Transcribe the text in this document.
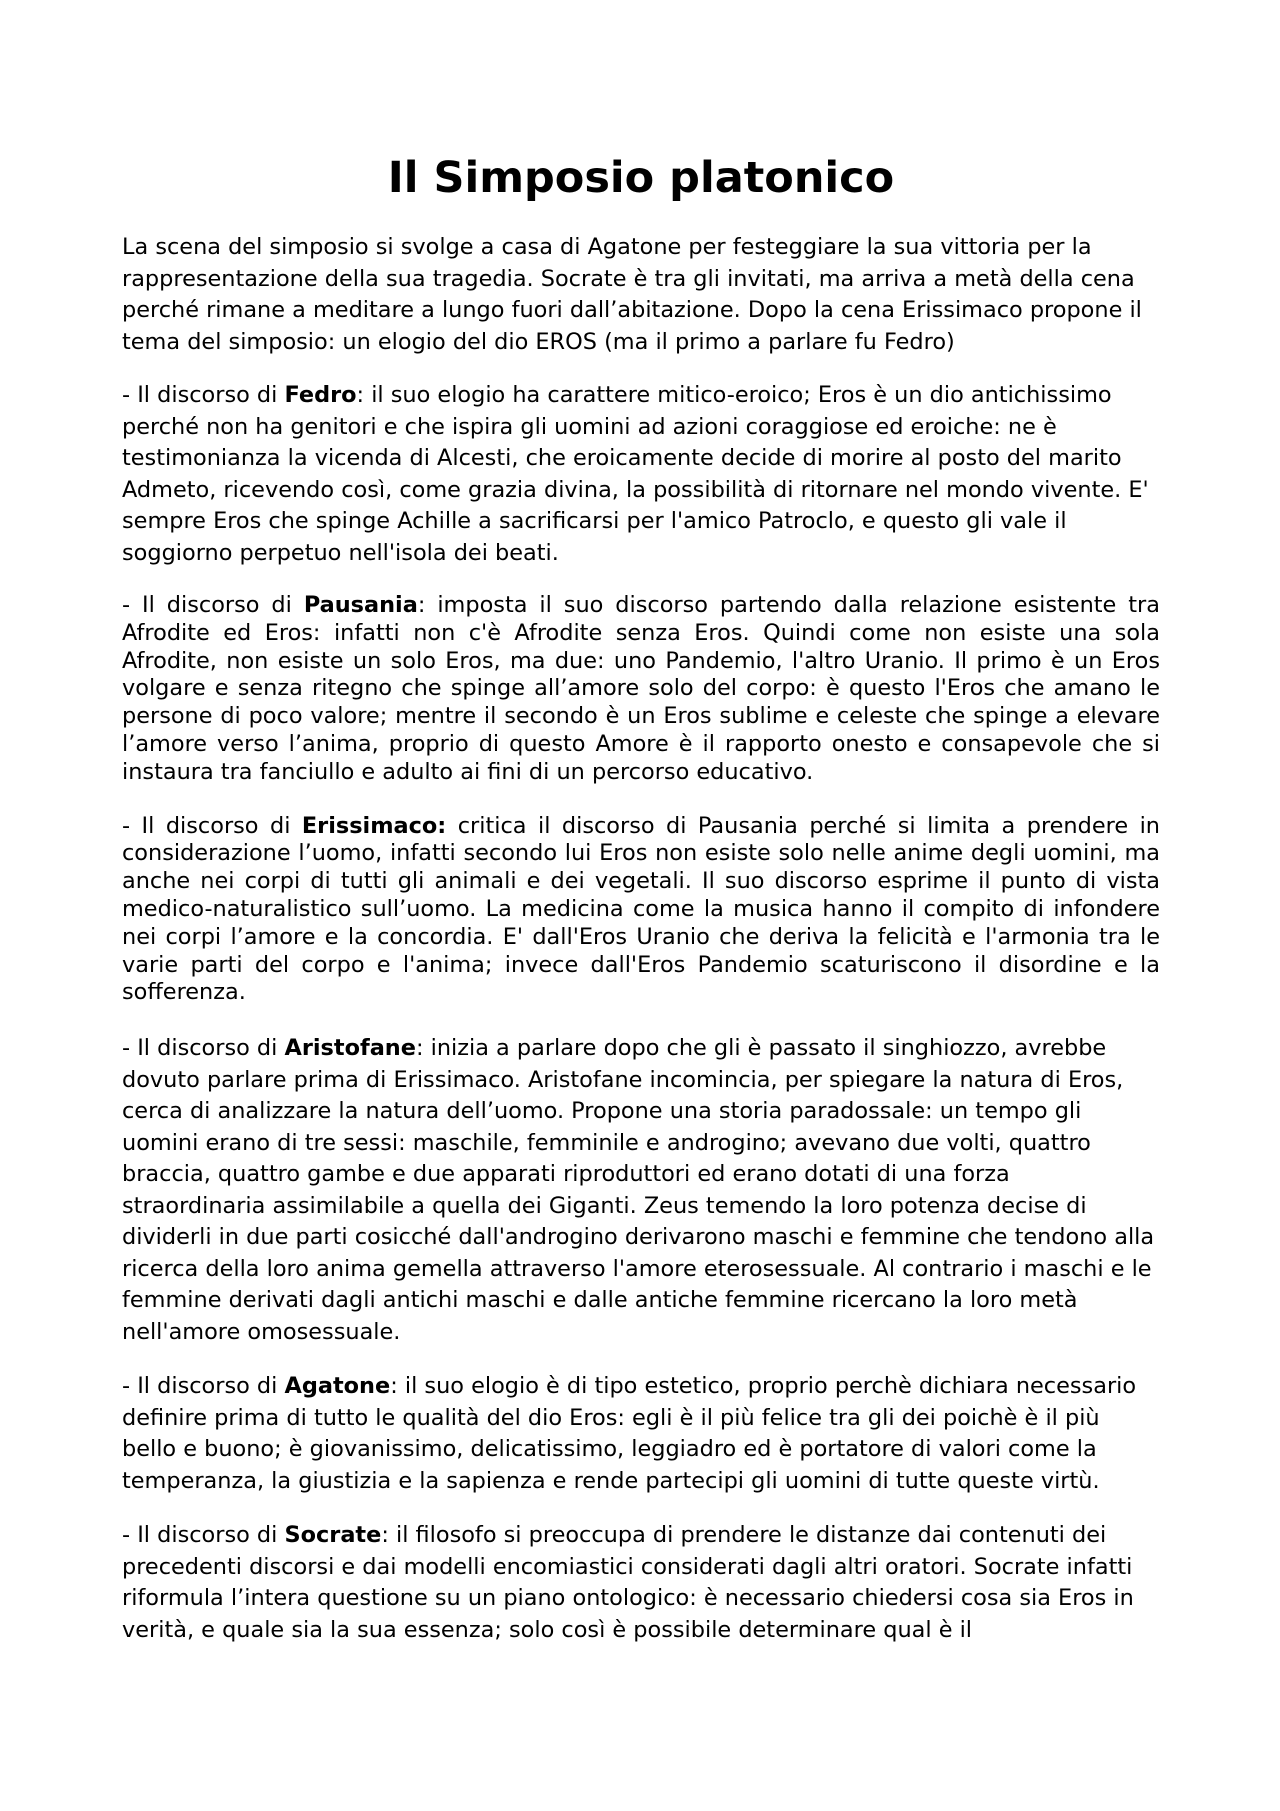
Il Simposio platonico

La scena del simposio si svolge a casa di Agatone per festeggiare la sua vittoria per la rappresentazione della sua tragedia. Socrate è tra gli invitati, ma arriva a metà della cena perché rimane a meditare a lungo fuori dall’abitazione. Dopo la cena Erissimaco propone il tema del simposio: un elogio del dio EROS (ma il primo a parlare fu Fedro)

- Il discorso di Fedro: il suo elogio ha carattere mitico-eroico; Eros è un dio antichissimo perché non ha genitori e che ispira gli uomini ad azioni coraggiose ed eroiche: ne è testimonianza la vicenda di Alcesti, che eroicamente decide di morire al posto del marito Admeto, ricevendo così, come grazia divina, la possibilità di ritornare nel mondo vivente. E' sempre Eros che spinge Achille a sacrificarsi per l'amico Patroclo, e questo gli vale il soggiorno perpetuo nell'isola dei beati.

- Il discorso di Pausania: imposta il suo discorso partendo dalla relazione esistente tra Afrodite ed Eros: infatti non c'è Afrodite senza Eros. Quindi come non esiste una sola Afrodite, non esiste un solo Eros, ma due: uno Pandemio, l'altro Uranio. Il primo è un Eros volgare e senza ritegno che spinge all’amore solo del corpo: è questo l'Eros che amano le persone di poco valore; mentre il secondo è un Eros sublime e celeste che spinge a elevare l’amore verso l’anima, proprio di questo Amore è il rapporto onesto e consapevole che si instaura tra fanciullo e adulto ai fini di un percorso educativo.

- Il discorso di Erissimaco: critica il discorso di Pausania perché si limita a prendere in considerazione l’uomo, infatti secondo lui Eros non esiste solo nelle anime degli uomini, ma anche nei corpi di tutti gli animali e dei vegetali. Il suo discorso esprime il punto di vista medico-naturalistico sull’uomo. La medicina come la musica hanno il compito di infondere nei corpi l’amore e la concordia. E' dall'Eros Uranio che deriva la felicità e l'armonia tra le varie parti del corpo e l'anima; invece dall'Eros Pandemio scaturiscono il disordine e la sofferenza.

- Il discorso di Aristofane: inizia a parlare dopo che gli è passato il singhiozzo, avrebbe dovuto parlare prima di Erissimaco. Aristofane incomincia, per spiegare la natura di Eros, cerca di analizzare la natura dell’uomo. Propone una storia paradossale: un tempo gli uomini erano di tre sessi: maschile, femminile e androgino; avevano due volti, quattro braccia, quattro gambe e due apparati riproduttori ed erano dotati di una forza straordinaria assimilabile a quella dei Giganti. Zeus temendo la loro potenza decise di dividerli in due parti cosicché dall'androgino derivarono maschi e femmine che tendono alla ricerca della loro anima gemella attraverso l'amore eterosessuale. Al contrario i maschi e le femmine derivati dagli antichi maschi e dalle antiche femmine ricercano la loro metà nell'amore omosessuale.

- Il discorso di Agatone: il suo elogio è di tipo estetico, proprio perchè dichiara necessario definire prima di tutto le qualità del dio Eros: egli è il più felice tra gli dei poichè è il più bello e buono; è giovanissimo, delicatissimo, leggiadro ed è portatore di valori come la temperanza, la giustizia e la sapienza e rende partecipi gli uomini di tutte queste virtù.

- Il discorso di Socrate: il filosofo si preoccupa di prendere le distanze dai contenuti dei precedenti discorsi e dai modelli encomiastici considerati dagli altri oratori. Socrate infatti riformula l’intera questione su un piano ontologico: è necessario chiedersi cosa sia Eros in verità, e quale sia la sua essenza; solo così è possibile determinare qual è il
